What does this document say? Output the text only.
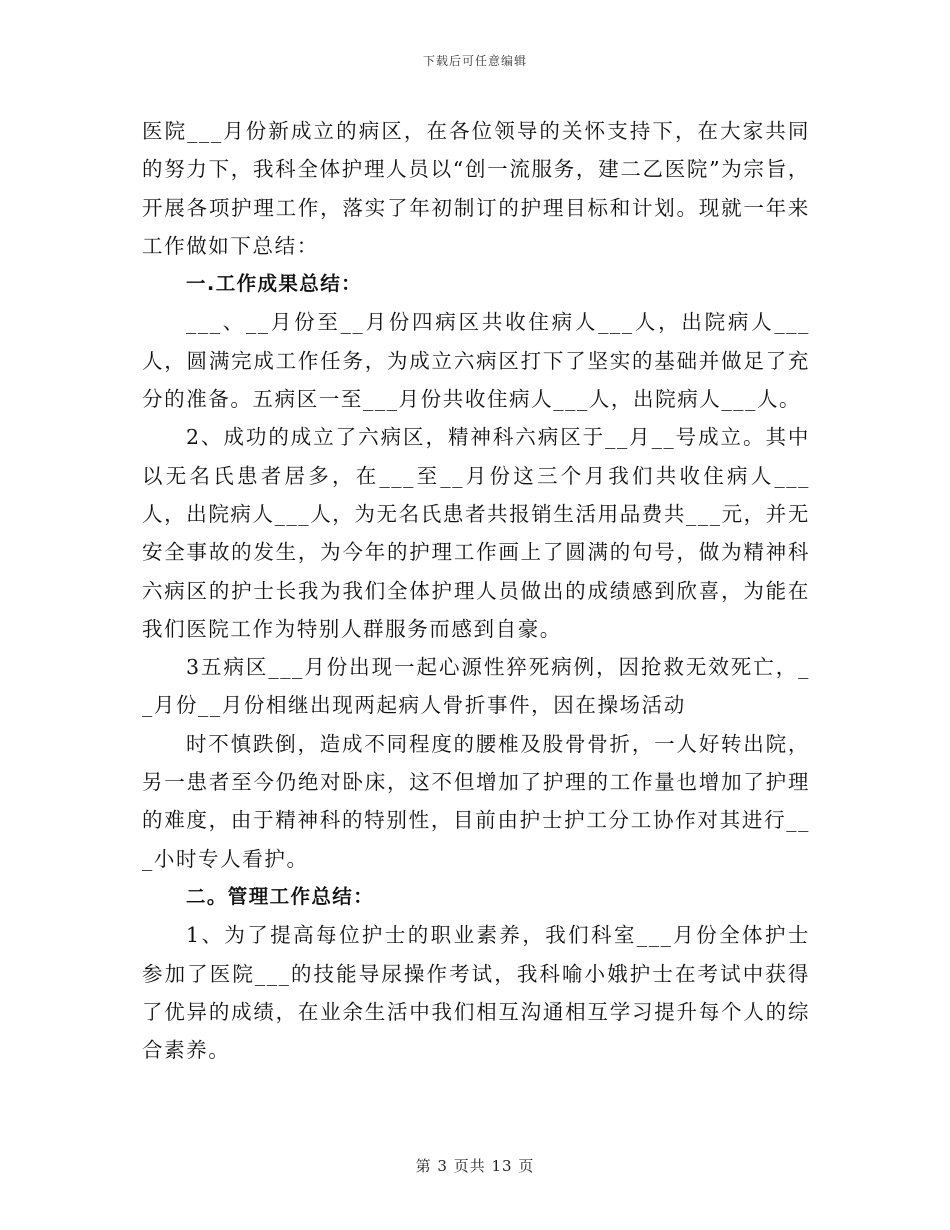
下载后可任意编辑

医院___月份新成立的病区，在各位领导的关怀支持下，在大家共同的努力下，我科全体护理人员以“创一流服务，建二乙医院”为宗旨，开展各项护理工作，落实了年初制订的护理目标和计划。现就一年来工作做如下总结：

一.工作成果总结：

___、__月份至__月份四病区共收住病人___人，出院病人___人，圆满完成工作任务，为成立六病区打下了坚实的基础并做足了充分的准备。五病区一至___月份共收住病人___人，出院病人___人。

2、成功的成立了六病区，精神科六病区于__月__号成立。其中以无名氏患者居多，在___至__月份这三个月我们共收住病人___人，出院病人___人，为无名氏患者共报销生活用品费共___元，并无安全事故的发生，为今年的护理工作画上了圆满的句号，做为精神科六病区的护士长我为我们全体护理人员做出的成绩感到欣喜，为能在我们医院工作为特别人群服务而感到自豪。

3五病区___月份出现一起心源性猝死病例，因抢救无效死亡，__月份__月份相继出现两起病人骨折事件，因在操场活动

时不慎跌倒，造成不同程度的腰椎及股骨骨折，一人好转出院，另一患者至今仍绝对卧床，这不但增加了护理的工作量也增加了护理的难度，由于精神科的特别性，目前由护士护工分工协作对其进行___小时专人看护。

二。管理工作总结：

1、为了提高每位护士的职业素养，我们科室___月份全体护士参加了医院___的技能导尿操作考试，我科喻小娥护士在考试中获得了优异的成绩，在业余生活中我们相互沟通相互学习提升每个人的综合素养。

第 3 页共 13 页
